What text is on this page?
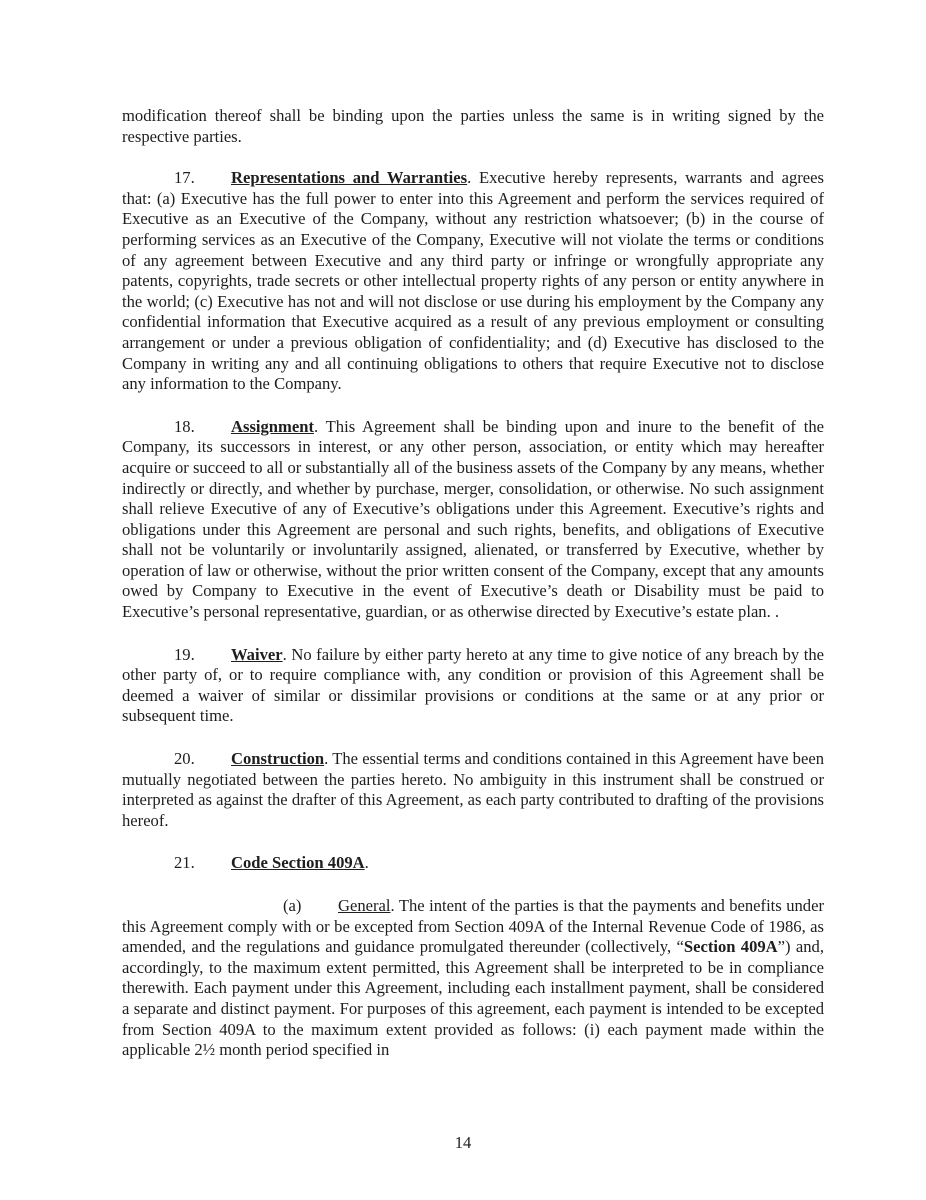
modification thereof shall be binding upon the parties unless the same is in writing signed by the respective parties.

17. Representations and Warranties. Executive hereby represents, warrants and agrees that: (a) Executive has the full power to enter into this Agreement and perform the services required of Executive as an Executive of the Company, without any restriction whatsoever; (b) in the course of performing services as an Executive of the Company, Executive will not violate the terms or conditions of any agreement between Executive and any third party or infringe or wrongfully appropriate any patents, copyrights, trade secrets or other intellectual property rights of any person or entity anywhere in the world; (c) Executive has not and will not disclose or use during his employment by the Company any confidential information that Executive acquired as a result of any previous employment or consulting arrangement or under a previous obligation of confidentiality; and (d) Executive has disclosed to the Company in writing any and all continuing obligations to others that require Executive not to disclose any information to the Company.

18. Assignment. This Agreement shall be binding upon and inure to the benefit of the Company, its successors in interest, or any other person, association, or entity which may hereafter acquire or succeed to all or substantially all of the business assets of the Company by any means, whether indirectly or directly, and whether by purchase, merger, consolidation, or otherwise. No such assignment shall relieve Executive of any of Executive’s obligations under this Agreement. Executive’s rights and obligations under this Agreement are personal and such rights, benefits, and obligations of Executive shall not be voluntarily or involuntarily assigned, alienated, or transferred by Executive, whether by operation of law or otherwise, without the prior written consent of the Company, except that any amounts owed by Company to Executive in the event of Executive’s death or Disability must be paid to Executive’s personal representative, guardian, or as otherwise directed by Executive’s estate plan. .

19. Waiver. No failure by either party hereto at any time to give notice of any breach by the other party of, or to require compliance with, any condition or provision of this Agreement shall be deemed a waiver of similar or dissimilar provisions or conditions at the same or at any prior or subsequent time.

20. Construction. The essential terms and conditions contained in this Agreement have been mutually negotiated between the parties hereto. No ambiguity in this instrument shall be construed or interpreted as against the drafter of this Agreement, as each party contributed to drafting of the provisions hereof.

21. Code Section 409A.

(a) General. The intent of the parties is that the payments and benefits under this Agreement comply with or be excepted from Section 409A of the Internal Revenue Code of 1986, as amended, and the regulations and guidance promulgated thereunder (collectively, “Section 409A”) and, accordingly, to the maximum extent permitted, this Agreement shall be interpreted to be in compliance therewith. Each payment under this Agreement, including each installment payment, shall be considered a separate and distinct payment. For purposes of this agreement, each payment is intended to be excepted from Section 409A to the maximum extent provided as follows: (i) each payment made within the applicable 2½ month period specified in

14
